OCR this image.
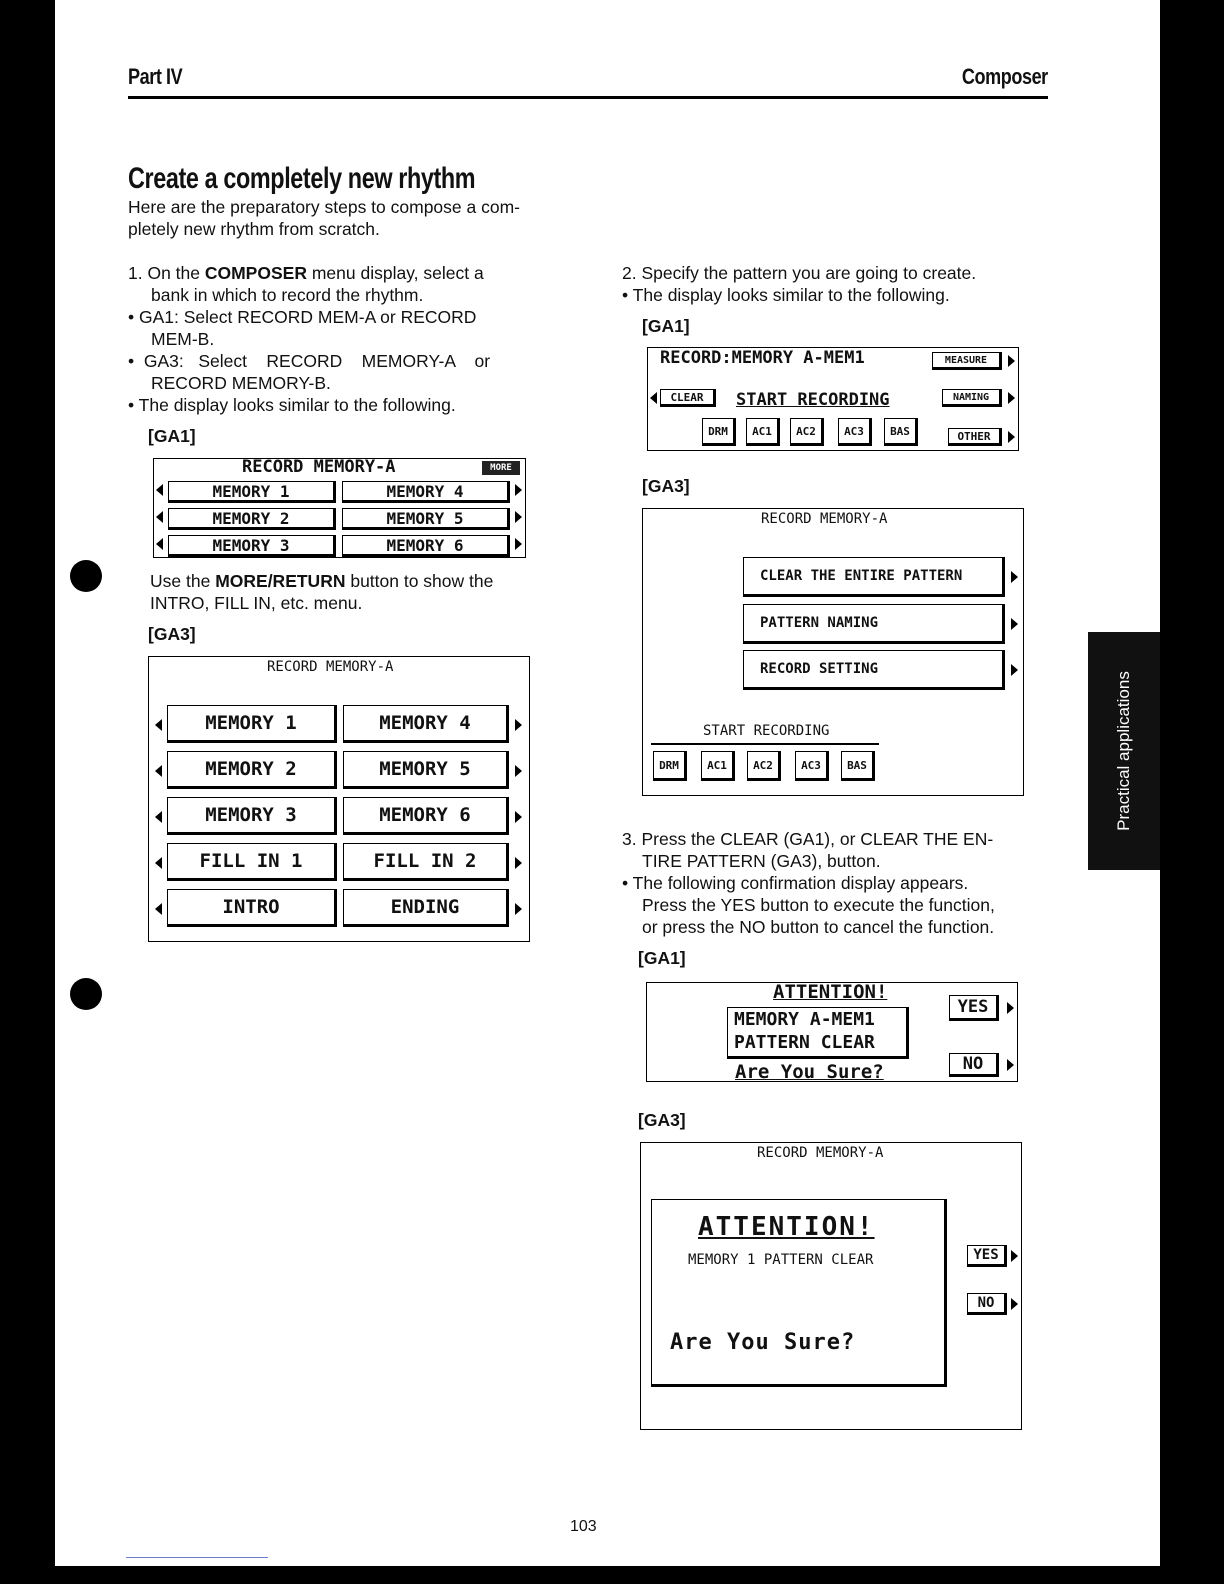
Part IV	Composer
Create a completely new rhythm
Here are the preparatory steps to compose a com-
pletely new rhythm from scratch.
1. On the COMPOSER menu display, select a
bank in which to record the rhythm.
• GA1: Select RECORD MEM-A or RECORD
MEM-B.
•  GA3:   Select    RECORD    MEMORY-A    or
RECORD MEMORY-B.
• The display looks similar to the following.
[GA1]
RECORD MEMORY-A	MORE
MEMORY 1
MEMORY 2
MEMORY 3
MEMORY 4
MEMORY 5
MEMORY 6
Use the MORE/RETURN button to show the
INTRO, FILL IN, etc. menu.
[GA3]
RECORD MEMORY-A
MEMORY 1
MEMORY 2
MEMORY 3
FILL IN 1
INTRO
MEMORY 4
MEMORY 5
MEMORY 6
FILL IN 2
ENDING
2. Specify the pattern you are going to create.
• The display looks similar to the following.
[GA1]
RECORD:MEMORY A-MEM1	MEASURE
CLEAR	START RECORDING	NAMING
DRM	AC1	AC2	AC3	BAS	OTHER
[GA3]
RECORD MEMORY-A
CLEAR THE ENTIRE PATTERN
PATTERN NAMING
RECORD SETTING
START RECORDING
DRM	AC1	AC2	AC3	BAS
3. Press the CLEAR (GA1), or CLEAR THE EN-
TIRE PATTERN (GA3), button.
• The following confirmation display appears.
Press the YES button to execute the function,
or press the NO button to cancel the function.
[GA1]
ATTENTION!
MEMORY A-MEM1
PATTERN CLEAR
Are You Sure?
YES
NO
[GA3]
RECORD MEMORY-A
ATTENTION!
MEMORY 1 PATTERN CLEAR
Are You Sure?
YES
NO
Practical applications
103
